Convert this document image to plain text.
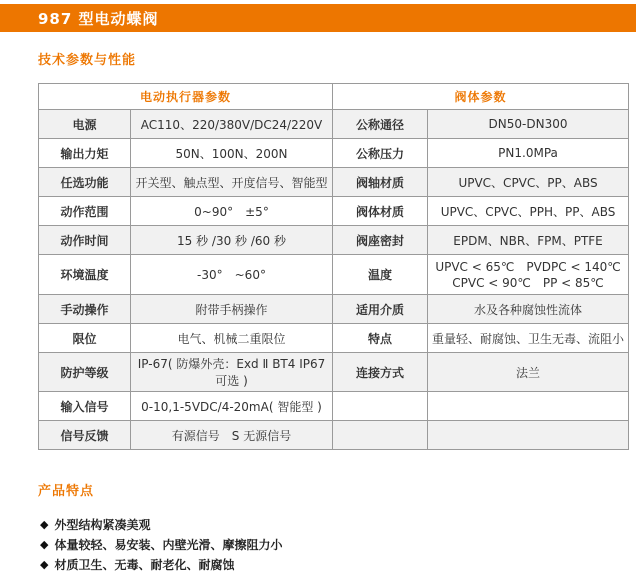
987 型电动蝶阀
技术参数与性能
电动执行器参数		阀体参数	
电源	AC110、220/380V/DC24/220V	公称通径	DN50-DN300
输出力矩	50N、100N、200N	公称压力	PN1.0MPa
任选功能	开关型、触点型、开度信号、智能型	阀轴材质	UPVC、CPVC、PP、ABS
动作范围	0~90°　±5°	阀体材质	UPVC、CPVC、PPH、PP、ABS
动作时间	15 秒 /30 秒 /60 秒	阀座密封	EPDM、NBR、FPM、PTFE
环境温度	-30°　~60°	温度	UPVC < 65℃　PVDPC < 140℃
CPVC < 90℃　PP < 85℃

手动操作	附带手柄操作	适用介质	水及各种腐蚀性流体
限位	电气、机械二重限位	特点	重量轻、耐腐蚀、卫生无毒、流阻小
防护等级	IP-67( 防爆外壳：Exd Ⅱ BT4 IP67 可选 )	连接方式	法兰
输入信号	0-10,1-5VDC/4-20mA( 智能型 )		
信号反馈	有源信号　S 无源信号		
产品特点
◆ 外型结构紧凑美观
◆ 体量较轻、易安装、内壁光滑、摩擦阻力小
◆ 材质卫生、无毒、耐老化、耐腐蚀
